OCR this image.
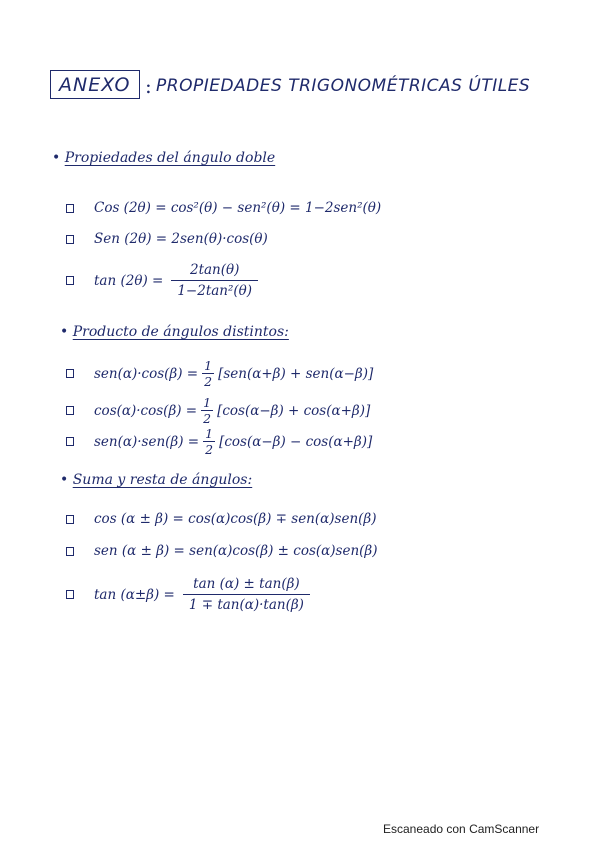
ANEXO : PROPIEDADES TRIGONOMÉTRICAS ÚTILES
• Propiedades del ángulo doble
Cos (2θ) = cos²(θ) − sen²(θ) = 1−2sen²(θ)
Sen (2θ) = 2sen(θ)·cos(θ)
$\tan (2\theta) = \frac{2\tan(\theta)}{\text{1−2tan²(θ)}}$
• Producto de ángulos distintos:
$sen(\alpha)\cdot\cos(\beta) = \frac{1}{2} [sen(\alpha+\beta) + sen(\alpha-\beta)]$
$\cos(\alpha)\cdot\cos(\beta) = \frac{1}{2} [\cos(\alpha-\beta) + \cos(\alpha+\beta)]$
$sen(\alpha)\cdot sen(\beta) = \frac{1}{2} [\cos(\alpha-\beta) - \cos(\alpha+\beta)]$
• Suma y resta de ángulos:
cos (α ± β) = cos(α)cos(β) ∓ sen(α)sen(β)
sen (α ± β) = sen(α)cos(β) ± cos(α)sen(β)
$\tan (\alpha\pm\beta) = \frac{\tan (\alpha) \pm \tan(\beta)}{1 \mp \tan(\alpha)\cdot\tan(\beta)}$
Escaneado con CamScanner
